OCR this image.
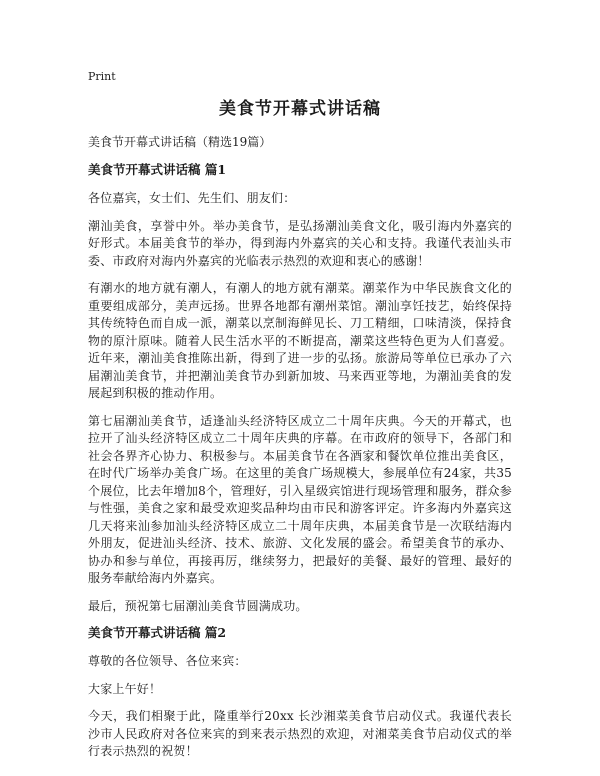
Print
美食节开幕式讲话稿
美食节开幕式讲话稿（精选19篇）
美食节开幕式讲话稿 篇1

各位嘉宾，女士们、先生们、朋友们：

潮汕美食，享誉中外。举办美食节，是弘扬潮汕美食文化，吸引海内外嘉宾的好形式。本届美食节的举办，得到海内外嘉宾的关心和支持。我谨代表汕头市委、市政府对海内外嘉宾的光临表示热烈的欢迎和衷心的感谢！

有潮水的地方就有潮人，有潮人的地方就有潮菜。潮菜作为中华民族食文化的重要组成部分，美声远扬。世界各地都有潮州菜馆。潮汕享饪技艺，始终保持其传统特色而自成一派，潮菜以烹制海鲜见长、刀工精细，口味清淡，保持食物的原汁原味。随着人民生活水平的不断提高，潮菜这些特色更为人们喜爱。近年来，潮汕美食推陈出新，得到了进一步的弘扬。旅游局等单位已承办了六届潮汕美食节，并把潮汕美食节办到新加坡、马来西亚等地，为潮汕美食的发展起到积极的推动作用。

第七届潮汕美食节，适逢汕头经济特区成立二十周年庆典。今天的开幕式，也拉开了汕头经济特区成立二十周年庆典的序幕。在市政府的领导下，各部门和社会各界齐心协力、积极参与。本届美食节在各酒家和餐饮单位推出美食区，在时代广场举办美食广场。在这里的美食广场规模大，参展单位有24家，共35个展位，比去年增加8个，管理好，引入星级宾馆进行现场管理和服务，群众参与性强，美食之家和最受欢迎奖品种均由市民和游客评定。许多海内外嘉宾这几天将来汕参加汕头经济特区成立二十周年庆典，本届美食节是一次联结海内外朋友，促进汕头经济、技术、旅游、文化发展的盛会。希望美食节的承办、协办和参与单位，再接再厉，继续努力，把最好的美餐、最好的管理、最好的服务奉献给海内外嘉宾。

最后，预祝第七届潮汕美食节圆满成功。

美食节开幕式讲话稿 篇2

尊敬的各位领导、各位来宾：

大家上午好！

今天，我们相聚于此，隆重举行20xx 长沙湘菜美食节启动仪式。我谨代表长沙市人民政府对各位来宾的到来表示热烈的欢迎，对湘菜美食节启动仪式的举行表示热烈的祝贺！
